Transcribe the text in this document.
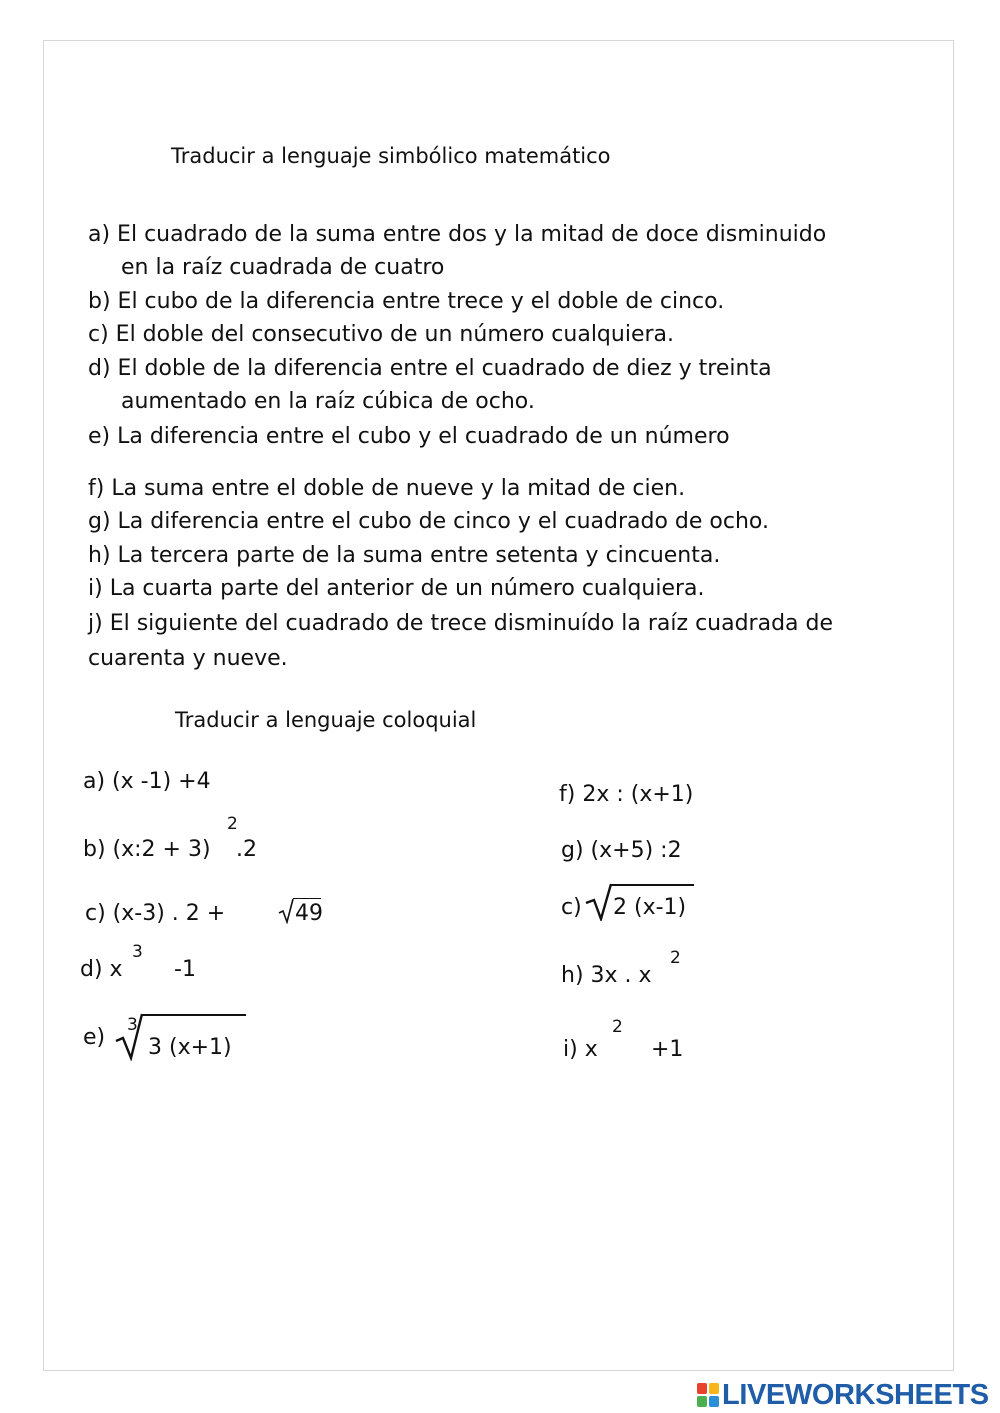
Traducir a lenguaje simbólico matemático
a) El cuadrado de la suma entre dos y la mitad de doce disminuido
en la raíz cuadrada de cuatro
b) El cubo de la diferencia entre trece y el doble de cinco.
c) El doble del consecutivo de un número cualquiera.
d) El doble de la diferencia entre el cuadrado de diez y treinta
aumentado en la raíz cúbica de ocho.
e) La diferencia entre el cubo y el cuadrado de un número
f) La suma entre el doble de nueve y la mitad de cien.
g) La diferencia entre el cubo de cinco y el cuadrado de ocho.
h) La tercera parte de la suma entre setenta y cincuenta.
i) La cuarta parte del anterior de un número cualquiera.
j) El siguiente del cuadrado de trece disminuído la raíz cuadrada de
cuarenta y nueve.
Traducir a lenguaje coloquial
a) (x -1) +4
b) (x:2 + 3)
2
.2
c) (x-3) . 2 +	49
d) x
3
-1
e) 3
3 (x+1)
f) 2x : (x+1)
g) (x+5) :2
c) 2 (x-1)
h) 3x . x
2
i) x
2
+1
LIVEWORKSHEETS
